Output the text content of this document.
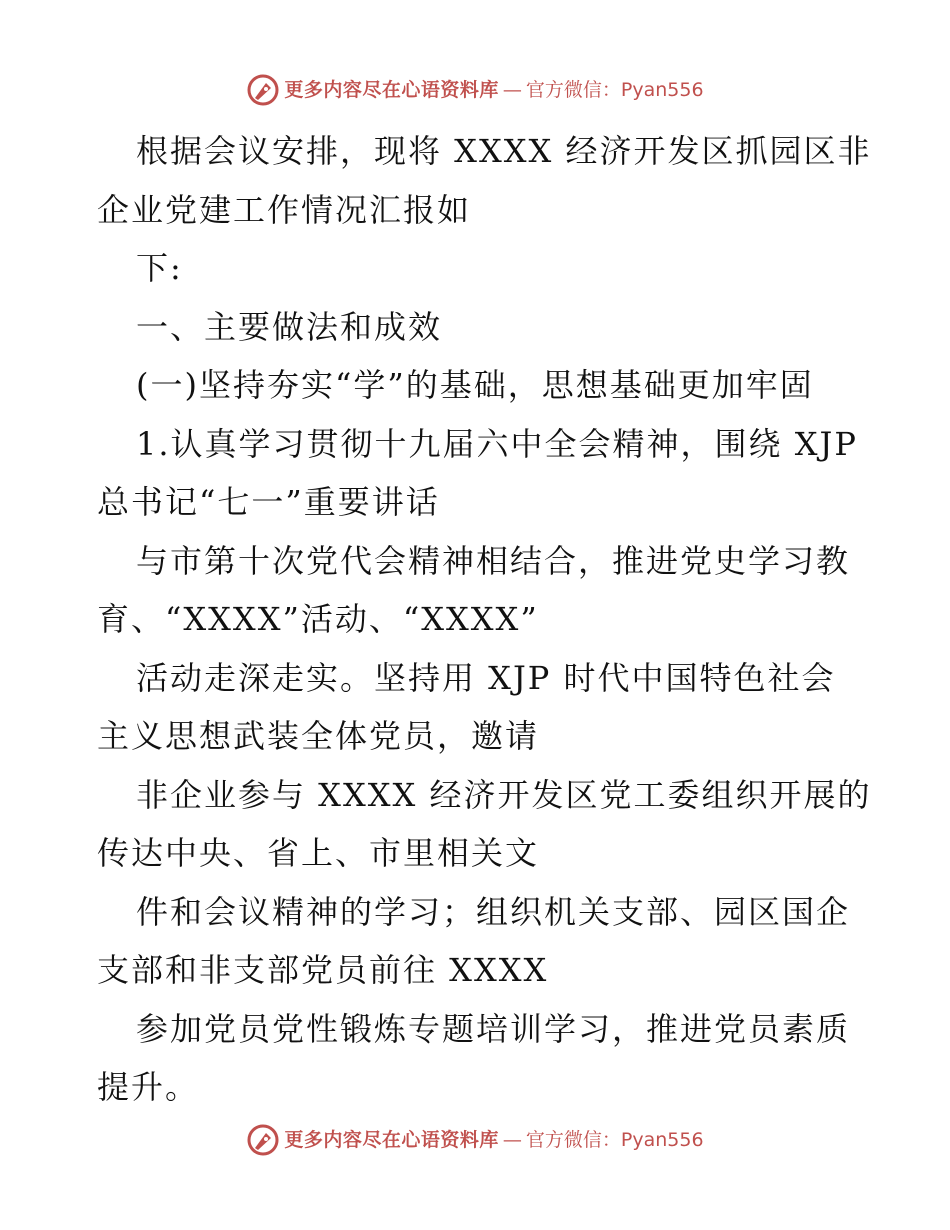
更多内容尽在心语资料库 — 官方微信：Pyan556
根据会议安排，现将 XXXX 经济开发区抓园区非
企业党建工作情况汇报如
下:
一、主要做法和成效
(一)坚持夯实“学”的基础，思想基础更加牢固
1.认真学习贯彻十九届六中全会精神，围绕 XJP
总书记“七一”重要讲话
与市第十次党代会精神相结合，推进党史学习教
育、“XXXX”活动、“XXXX”
活动走深走实。坚持用 XJP 时代中国特色社会
主义思想武装全体党员，邀请
非企业参与 XXXX 经济开发区党工委组织开展的
传达中央、省上、市里相关文
件和会议精神的学习；组织机关支部、园区国企
支部和非支部党员前往 XXXX
参加党员党性锻炼专题培训学习，推进党员素质
提升。
更多内容尽在心语资料库 — 官方微信：Pyan556
